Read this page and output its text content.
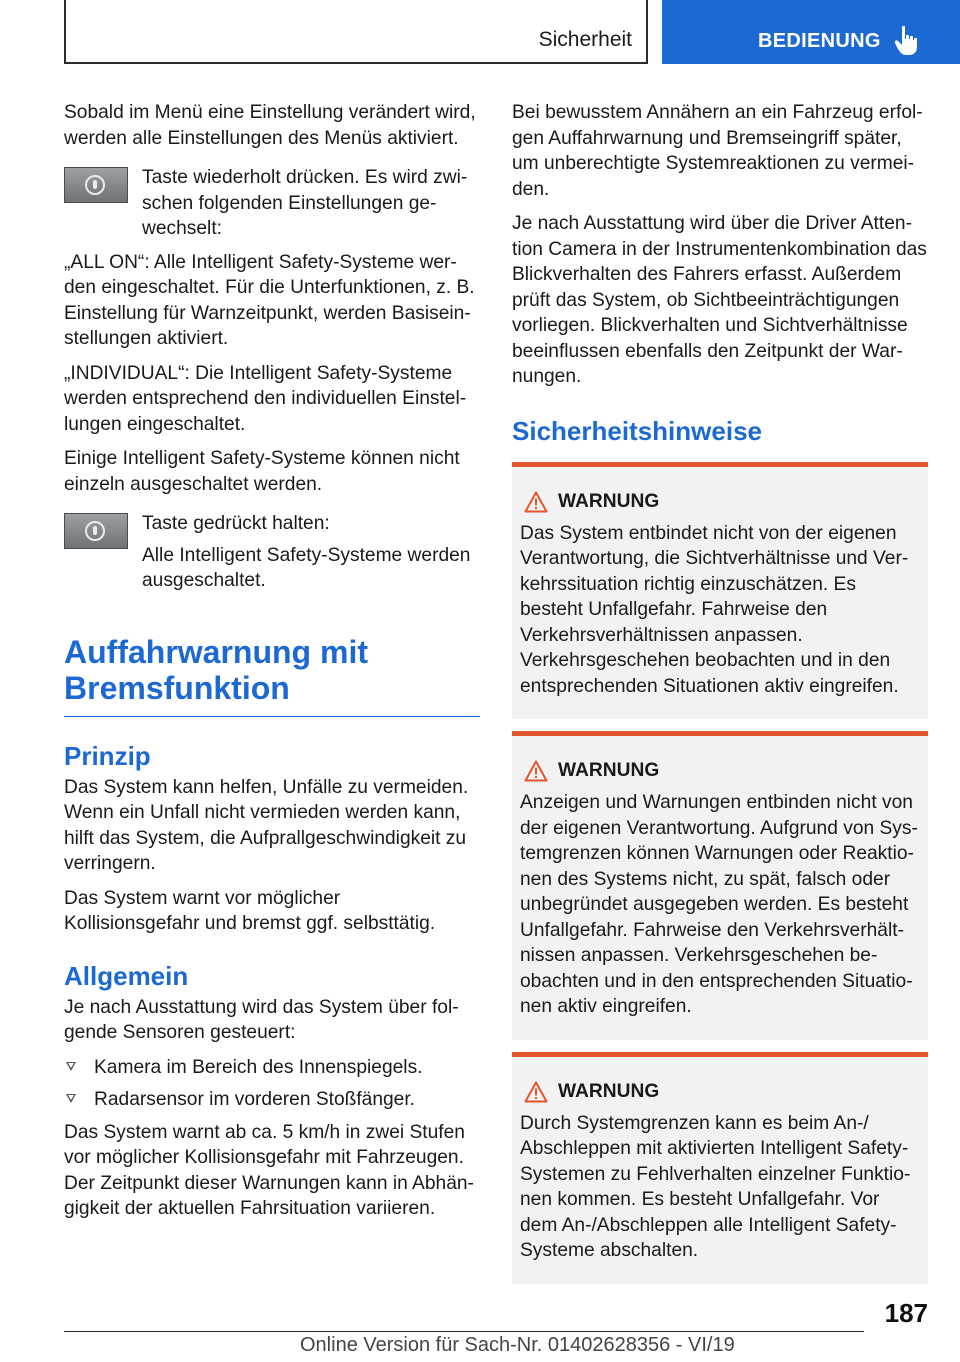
Sicherheit	BEDIENUNG

Sobald im Menü eine Einstellung verändert wird, werden alle Einstellungen des Menüs aktiviert.

Taste wiederholt drücken. Es wird zwischen folgenden Einstellungen gewechselt:

„ALL ON“: Alle Intelligent Safety-Systeme werden eingeschaltet. Für die Unterfunktionen, z. B. Einstellung für Warnzeitpunkt, werden Basiseinstellungen aktiviert.

„INDIVIDUAL“: Die Intelligent Safety-Systeme werden entsprechend den individuellen Einstellungen eingeschaltet.

Einige Intelligent Safety-Systeme können nicht einzeln ausgeschaltet werden.

Taste gedrückt halten:

Alle Intelligent Safety-Systeme werden ausgeschaltet.

Auffahrwarnung mit Bremsfunktion
Prinzip

Das System kann helfen, Unfälle zu vermeiden. Wenn ein Unfall nicht vermieden werden kann, hilft das System, die Aufprallgeschwindigkeit zu verringern.

Das System warnt vor möglicher Kollisionsgefahr und bremst ggf. selbsttätig.

Allgemein

Je nach Ausstattung wird das System über folgende Sensoren gesteuert:

Kamera im Bereich des Innenspiegels.
Radarsensor im vorderen Stoßfänger.

Das System warnt ab ca. 5 km/h in zwei Stufen vor möglicher Kollisionsgefahr mit Fahrzeugen. Der Zeitpunkt dieser Warnungen kann in Abhängigkeit der aktuellen Fahrsituation variieren.

Bei bewusstem Annähern an ein Fahrzeug erfolgen Auffahrwarnung und Bremseingriff später, um unberechtigte Systemreaktionen zu vermeiden.

Je nach Ausstattung wird über die Driver Attention Camera in der Instrumentenkombination das Blickverhalten des Fahrers erfasst. Außerdem prüft das System, ob Sichtbeeinträchtigungen vorliegen. Blickverhalten und Sichtverhältnisse beeinflussen ebenfalls den Zeitpunkt der Warnungen.

Sicherheitshinweise
WARNUNG
Das System entbindet nicht von der eigenen Verantwortung, die Sichtverhältnisse und Verkehrssituation richtig einzuschätzen. Es besteht Unfallgefahr. Fahrweise den Verkehrsverhältnissen anpassen. Verkehrsgeschehen beobachten und in den entsprechenden Situationen aktiv eingreifen.
WARNUNG
Anzeigen und Warnungen entbinden nicht von der eigenen Verantwortung. Aufgrund von Systemgrenzen können Warnungen oder Reaktionen des Systems nicht, zu spät, falsch oder unbegründet ausgegeben werden. Es besteht Unfallgefahr. Fahrweise den Verkehrsverhältnissen anpassen. Verkehrsgeschehen beobachten und in den entsprechenden Situationen aktiv eingreifen.
WARNUNG
Durch Systemgrenzen kann es beim An-/ Abschleppen mit aktivierten Intelligent Safety-Systemen zu Fehlverhalten einzelner Funktionen kommen. Es besteht Unfallgefahr. Vor dem An-/Abschleppen alle Intelligent Safety-Systeme abschalten.
187
Online Version für Sach-Nr. 01402628356 - VI/19
